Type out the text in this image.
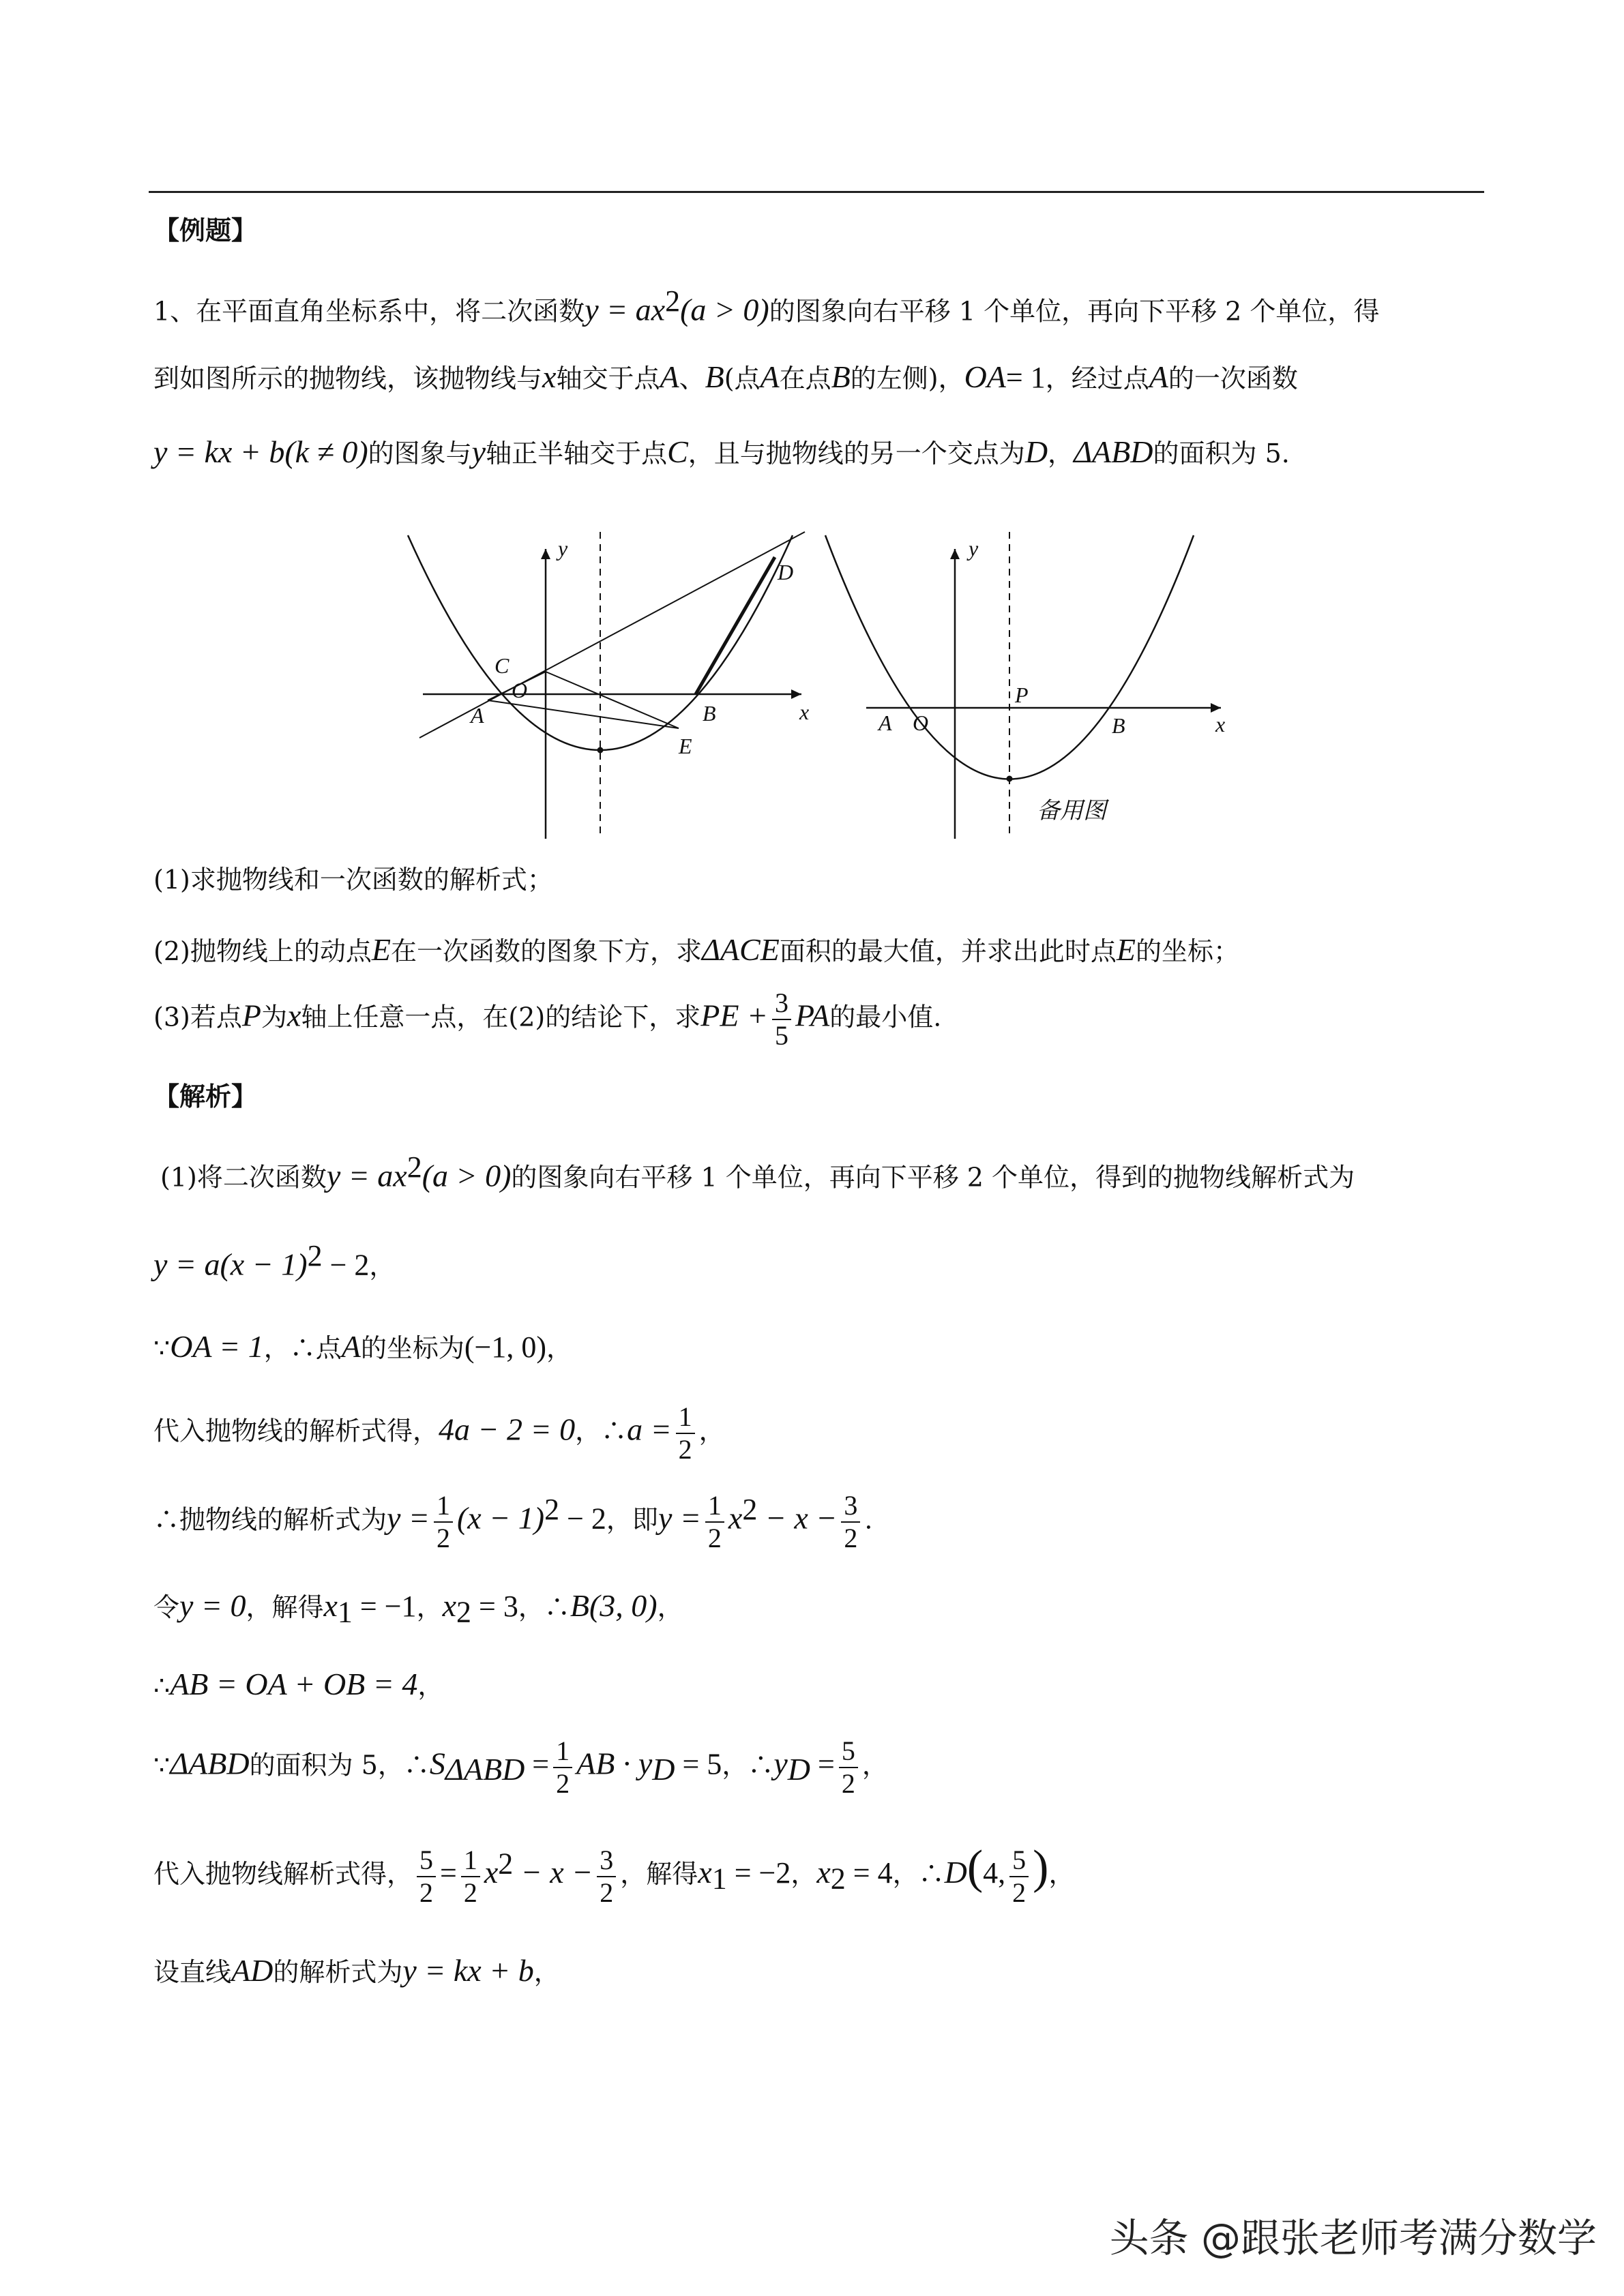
【例题】
1、在平面直角坐标系中，将二次函数$y = ax^2(a > 0)$的图象向右平移 1 个单位，再向下平移 2 个单位，得
到如图所示的抛物线，该抛物线与x轴交于点A、B(点A在点B的左侧)，OA= 1，经过点A的一次函数
y = kx + b(k ≠ 0)的图象与y轴正半轴交于点C，且与抛物线的另一个交点为D，ΔABD的面积为 5.
y
x
A	B
C
O
D
E
y
x
A O
P
B
备用图
(1)求抛物线和一次函数的解析式；
(2)抛物线上的动点E在一次函数的图象下方，求ΔACE面积的最大值，并求出此时点E的坐标；
(3)若点P为x轴上任意一点，在(2)的结论下，求PE + $\frac{3}{5}$ PA的最小值.
【解析】
(1)将二次函数$y = ax^2(a > 0)$的图象向右平移 1 个单位，再向下平移 2 个单位，得到的抛物线解析式为
$y = a(x - 1)^2 - 2$，
∵OA = 1，∴点A的坐标为(−1, 0)，
代入抛物线的解析式得，4a − 2 = 0，∴a = $\frac{1}{2}$ ，
∴抛物线的解析式为$y = \frac{1}{2} (x - 1)^2 - 2$，即$y = \frac{1}{2} x^2 - x - \frac{3}{2}$ .
令y = 0，解得$x_1 = -1$，$x_2 = 3$，∴B(3, 0)，
∴AB = OA + OB = 4，
∵ΔABD的面积为 5，$\therefore S_{\Delta ABD} = \frac{1}{2}$ AB · $y_D = 5$，$\therefore y_D = \frac{5}{2}$ ，
代入抛物线解析式得， $\frac{5}{2} = \frac{1}{2} x^2 - x - \frac{3}{2}$ ，解得$x_1 = -2$，$x_2 = 4$，∴D(4, $\frac{5}{2}$ )，
设直线AD的解析式为y = kx + b，
头条 @跟张老师考满分数学
